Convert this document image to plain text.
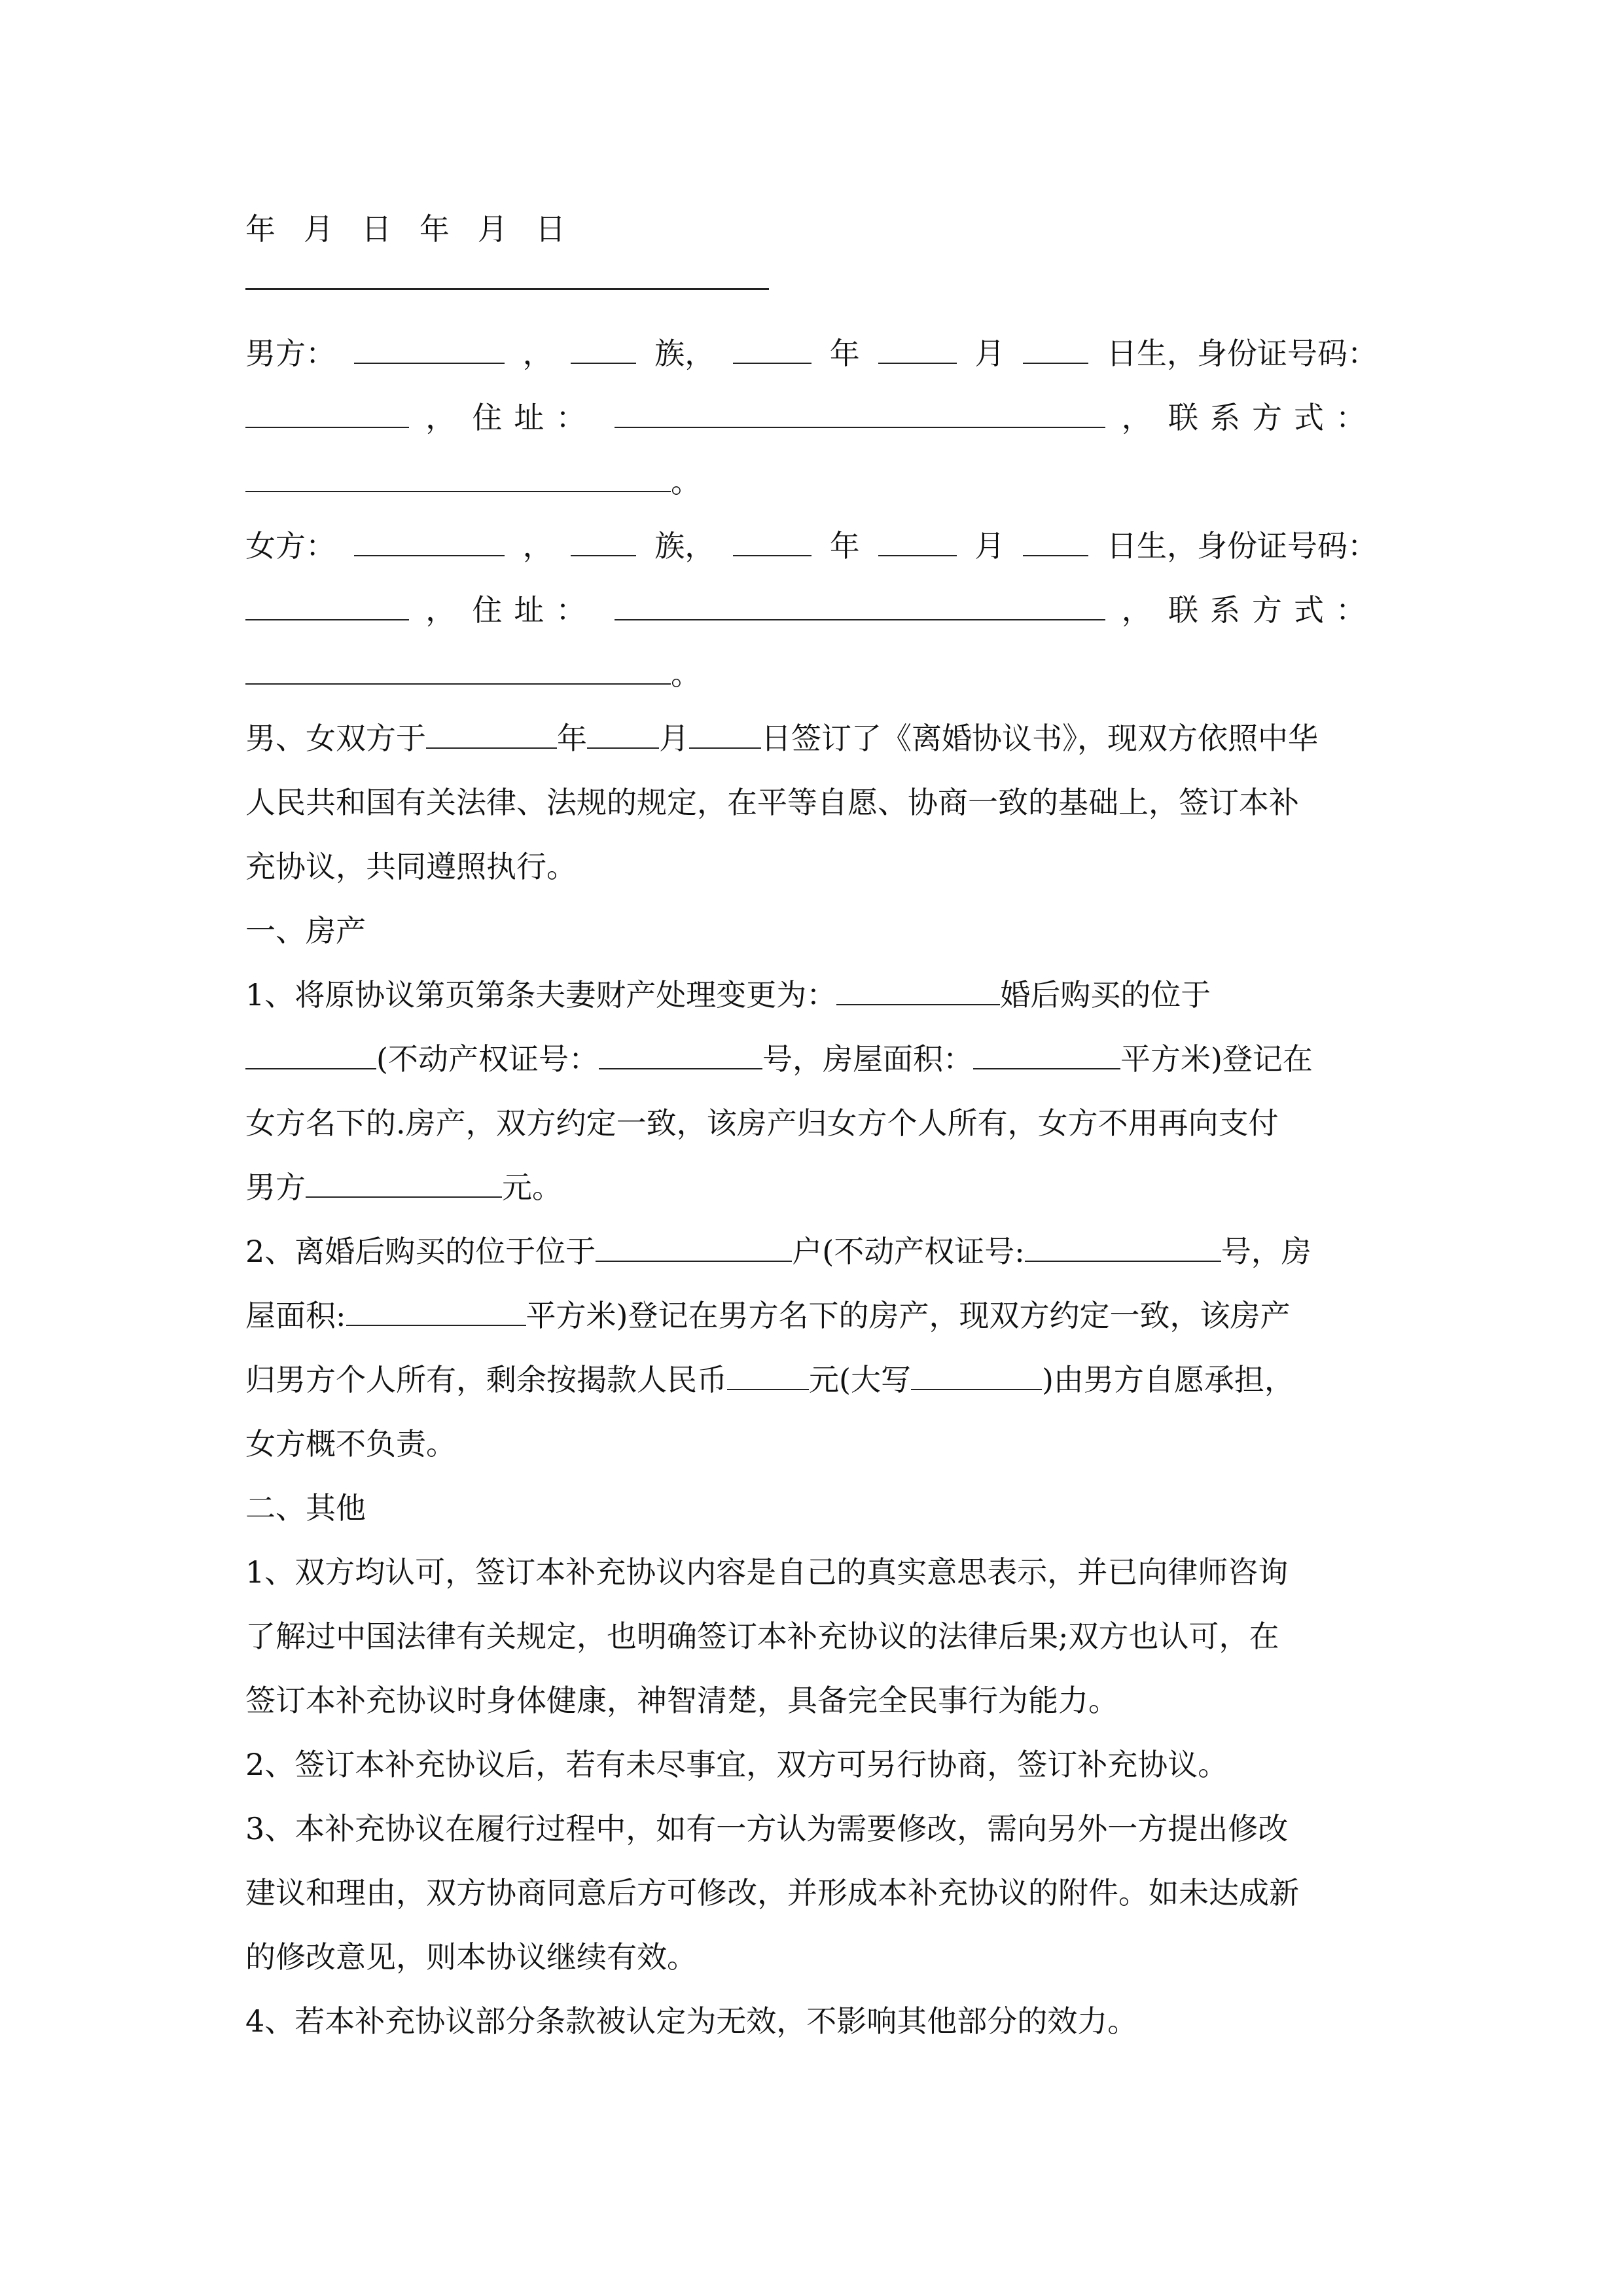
年 月 日 年 月 日
男方：	，	族，	年	月	日生，身份证号码：
， 住址：	， 联系方式：
。
女方：	，	族，	年	月	日生，身份证号码：
， 住址：	， 联系方式：
。
男、女双方于	年 月 日签订了《离婚协议书》，现双方依照中华
人民共和国有关法律、法规的规定，在平等自愿、协商一致的基础上，签订本补
充协议，共同遵照执行。
一、房产
1、将原协议第页第条夫妻财产处理变更为：	婚后购买的位于
(不动产权证号：	号，房屋面积：	平方米)登记在
女方名下的.房产，双方约定一致，该房产归女方个人所有，女方不用再向支付
男方	元。
2、离婚后购买的位于位于	户(不动产权证号:	号，房
屋面积:	平方米)登记在男方名下的房产，现双方约定一致，该房产
归男方个人所有，剩余按揭款人民币	元(大写	)由男方自愿承担，
女方概不负责。
二、其他
1、双方均认可，签订本补充协议内容是自己的真实意思表示，并已向律师咨询
了解过中国法律有关规定，也明确签订本补充协议的法律后果;双方也认可，在
签订本补充协议时身体健康，神智清楚，具备完全民事行为能力。
2、签订本补充协议后，若有未尽事宜，双方可另行协商，签订补充协议。
3、本补充协议在履行过程中，如有一方认为需要修改，需向另外一方提出修改
建议和理由，双方协商同意后方可修改，并形成本补充协议的附件。如未达成新
的修改意见，则本协议继续有效。
4、若本补充协议部分条款被认定为无效，不影响其他部分的效力。
